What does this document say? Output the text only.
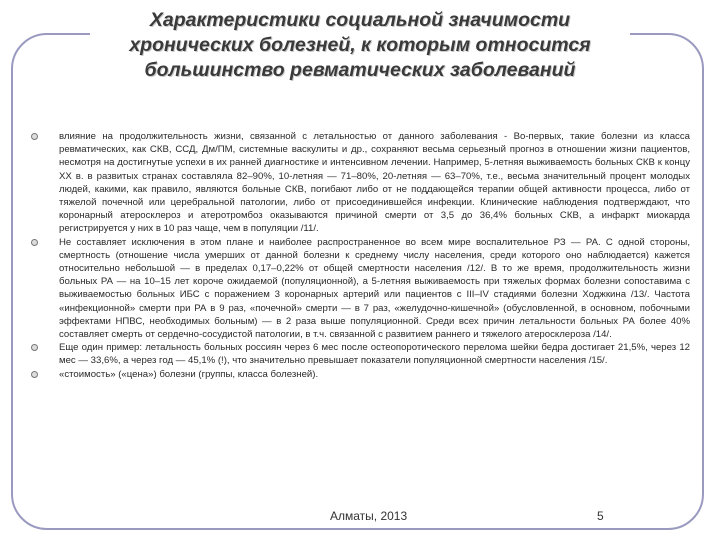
Характеристики социальной значимости
хронических болезней, к которым относится
большинство ревматических заболеваний
влияние на продолжительность жизни, связанной с летальностью от данного заболевания - Во-первых, такие болезни из класса ревматических, как СКВ, ССД, Дм/ПМ, системные васкулиты и др., сохраняют весьма серьезный прогноз в отношении жизни пациентов, несмотря на достигнутые успехи в их ранней диагностике и интенсивном лечении. Например, 5-летняя выживаемость больных СКВ к концу XX в. в развитых странах составляла 82–90%, 10-летняя — 71–80%, 20-летняя — 63–70%, т.е., весьма значительный процент молодых людей, какими, как правило, являются больные СКВ, погибают либо от не поддающейся терапии общей активности процесса, либо от тяжелой почечной или церебральной патологии, либо от присоединившейся инфекции. Клинические наблюдения подтверждают, что коронарный атеросклероз и атеротромбоз оказываются причиной смерти от 3,5 до 36,4% больных СКВ, а инфаркт миокарда регистрируется у них в 10 раз чаще, чем в популяции /11/.
Не составляет исключения в этом плане и наиболее распространенное во всем мире воспалительное РЗ — РА. С одной стороны, смертность (отношение числа умерших от данной болезни к среднему числу населения, среди которого оно наблюдается) кажется относительно небольшой — в пределах 0,17–0,22% от общей смертности населения /12/. В то же время, продолжительность жизни больных РА — на 10–15 лет короче ожидаемой (популяционной), а 5-летняя выживаемость при тяжелых формах болезни сопоставима с выживаемостью больных ИБС с поражением 3 коронарных артерий или пациентов с III–IV стадиями болезни Ходжкина /13/. Частота «инфекционной» смерти при РА в 9 раз, «почечной» смерти — в 7 раз, «желудочно-кишечной» (обусловленной, в основном, побочными эффектами НПВС, необходимых больным) — в 2 раза выше популяционной. Среди всех причин летальности больных РА более 40% составляет смерть от сердечно-сосудистой патологии, в т.ч. связанной с развитием раннего и тяжелого атеросклероза /14/.
Еще один пример: летальность больных россиян через 6 мес после остеопоротического перелома шейки бедра достигает 21,5%, через 12 мес — 33,6%, а через год — 45,1% (!), что значительно превышает показатели популяционной смертности населения /15/.
«стоимость» («цена») болезни (группы, класса болезней).
Алматы, 2013	5
